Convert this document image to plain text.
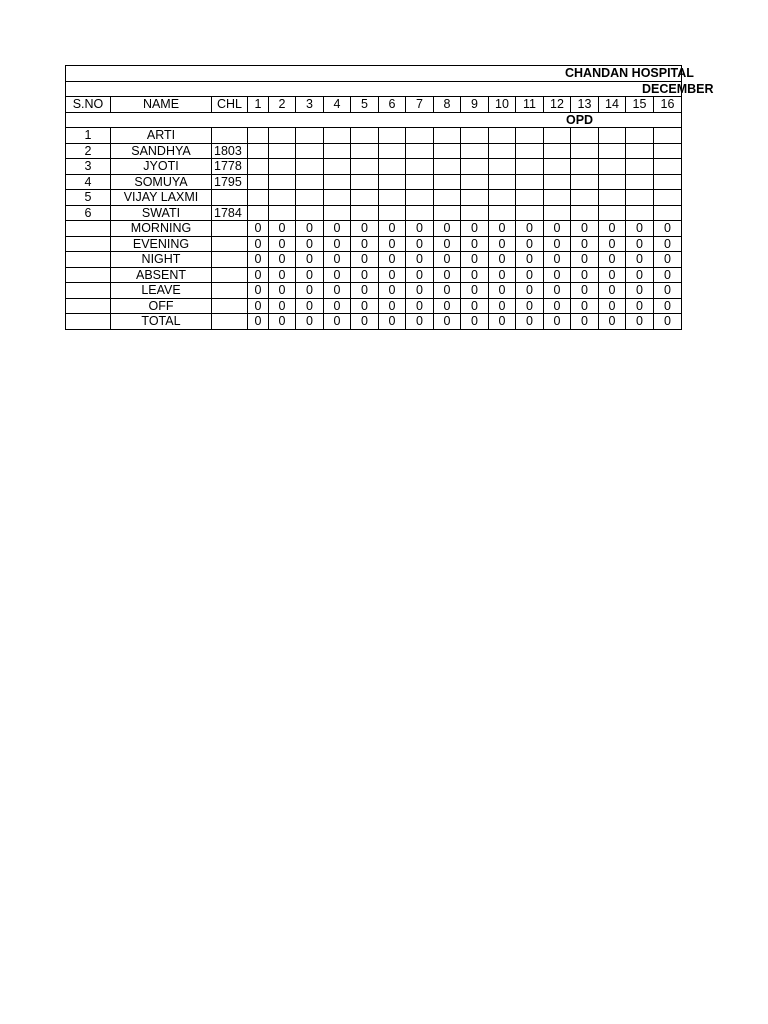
CHANDAN HOSPITAL																		

DECEMBER																		

S.NO	NAME	CHL	1	2	3	4	5	6	7	8	9	10	11	12	13	14	15	16
OPD																		
1	ARTI																	
2	SANDHYA	1803																
3	JYOTI	1778																
4	SOMUYA	1795																
5	VIJAY LAXMI																	
6	SWATI	1784																
	MORNING		0	0	0	0	0	0	0	0	0	0	0	0	0	0	0	0
	EVENING		0	0	0	0	0	0	0	0	0	0	0	0	0	0	0	0
	NIGHT		0	0	0	0	0	0	0	0	0	0	0	0	0	0	0	0
	ABSENT		0	0	0	0	0	0	0	0	0	0	0	0	0	0	0	0
	LEAVE		0	0	0	0	0	0	0	0	0	0	0	0	0	0	0	0
	OFF		0	0	0	0	0	0	0	0	0	0	0	0	0	0	0	0
	TOTAL		0	0	0	0	0	0	0	0	0	0	0	0	0	0	0	0
